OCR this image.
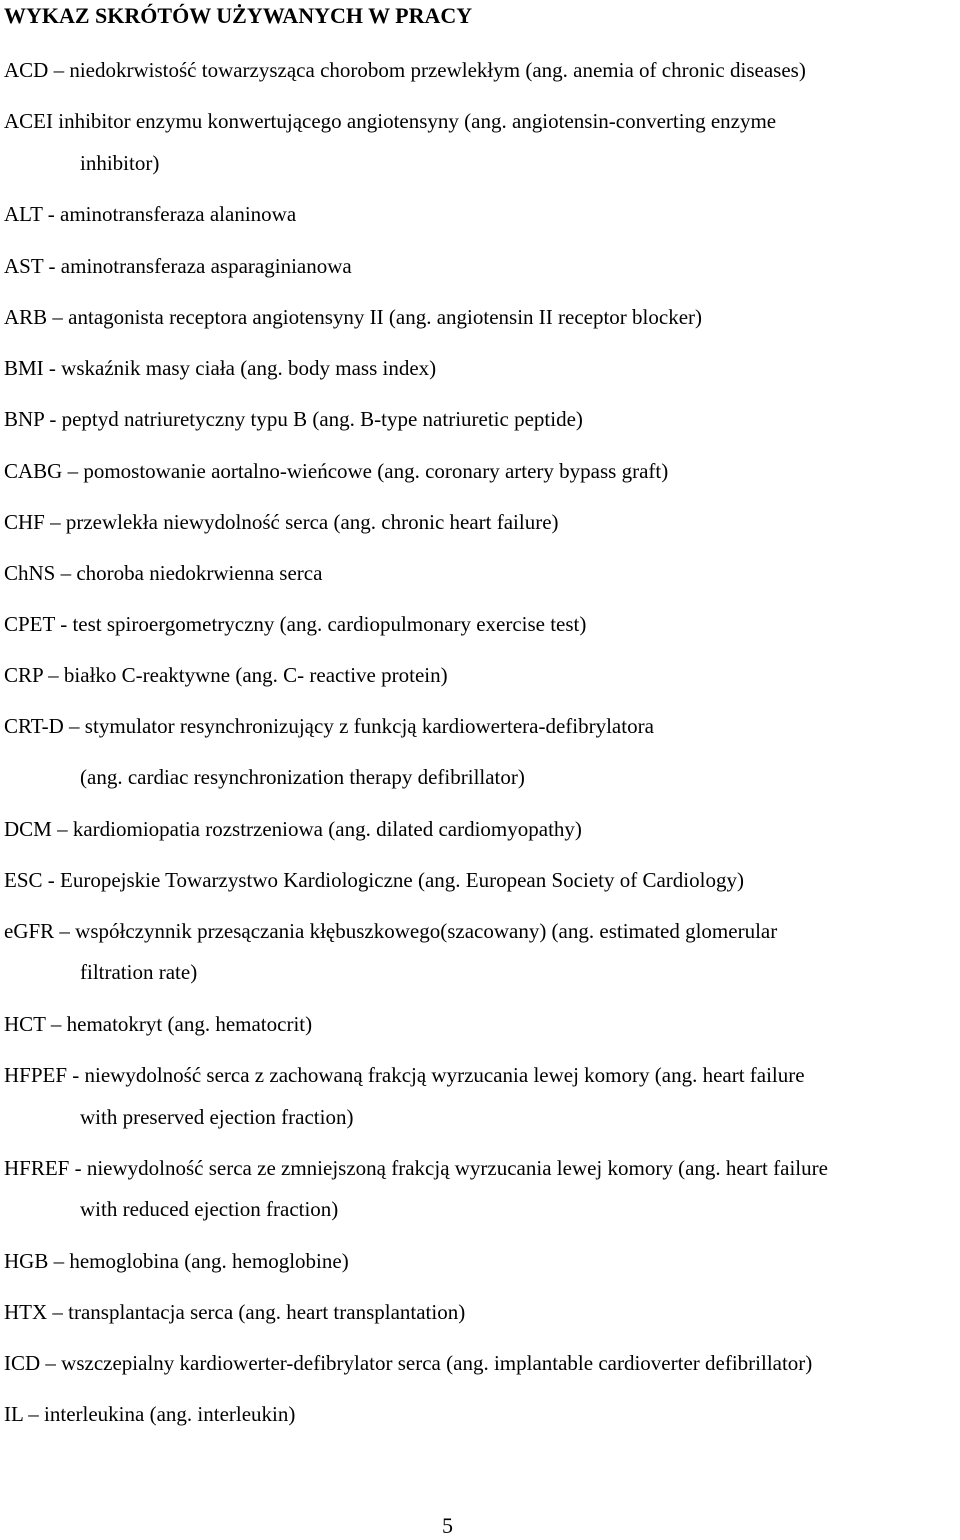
WYKAZ SKRÓTÓW UŻYWANYCH W PRACY

ACD – niedokrwistość towarzysząca chorobom przewlekłym (ang. anemia of chronic diseases)

ACEI inhibitor enzymu konwertującego angiotensyny (ang. angiotensin-converting enzyme

inhibitor)

ALT - aminotransferaza alaninowa

AST - aminotransferaza asparaginianowa

ARB – antagonista receptora angiotensyny II (ang. angiotensin II receptor blocker)

BMI - wskaźnik masy ciała (ang. body mass index)

BNP - peptyd natriuretyczny typu B (ang. B-type natriuretic peptide)

CABG – pomostowanie aortalno-wieńcowe (ang. coronary artery bypass graft)

CHF – przewlekła niewydolność serca (ang. chronic heart failure)

ChNS – choroba niedokrwienna serca

CPET - test spiroergometryczny (ang. cardiopulmonary exercise test)

CRP – białko C-reaktywne (ang. C- reactive protein)

CRT-D – stymulator resynchronizujący z funkcją kardiowertera-defibrylatora

(ang. cardiac resynchronization therapy defibrillator)

DCM – kardiomiopatia rozstrzeniowa (ang. dilated cardiomyopathy)

ESC - Europejskie Towarzystwo Kardiologiczne (ang. European Society of Cardiology)

eGFR – współczynnik przesączania kłębuszkowego(szacowany) (ang. estimated glomerular

filtration rate)

HCT – hematokryt (ang. hematocrit)

HFPEF - niewydolność serca z zachowaną frakcją wyrzucania lewej komory (ang. heart failure

with preserved ejection fraction)

HFREF - niewydolność serca ze zmniejszoną frakcją wyrzucania lewej komory (ang. heart failure

with reduced ejection fraction)

HGB – hemoglobina (ang. hemoglobine)

HTX – transplantacja serca (ang. heart transplantation)

ICD – wszczepialny kardiowerter-defibrylator serca (ang. implantable cardioverter defibrillator)

IL – interleukina (ang. interleukin)

5
